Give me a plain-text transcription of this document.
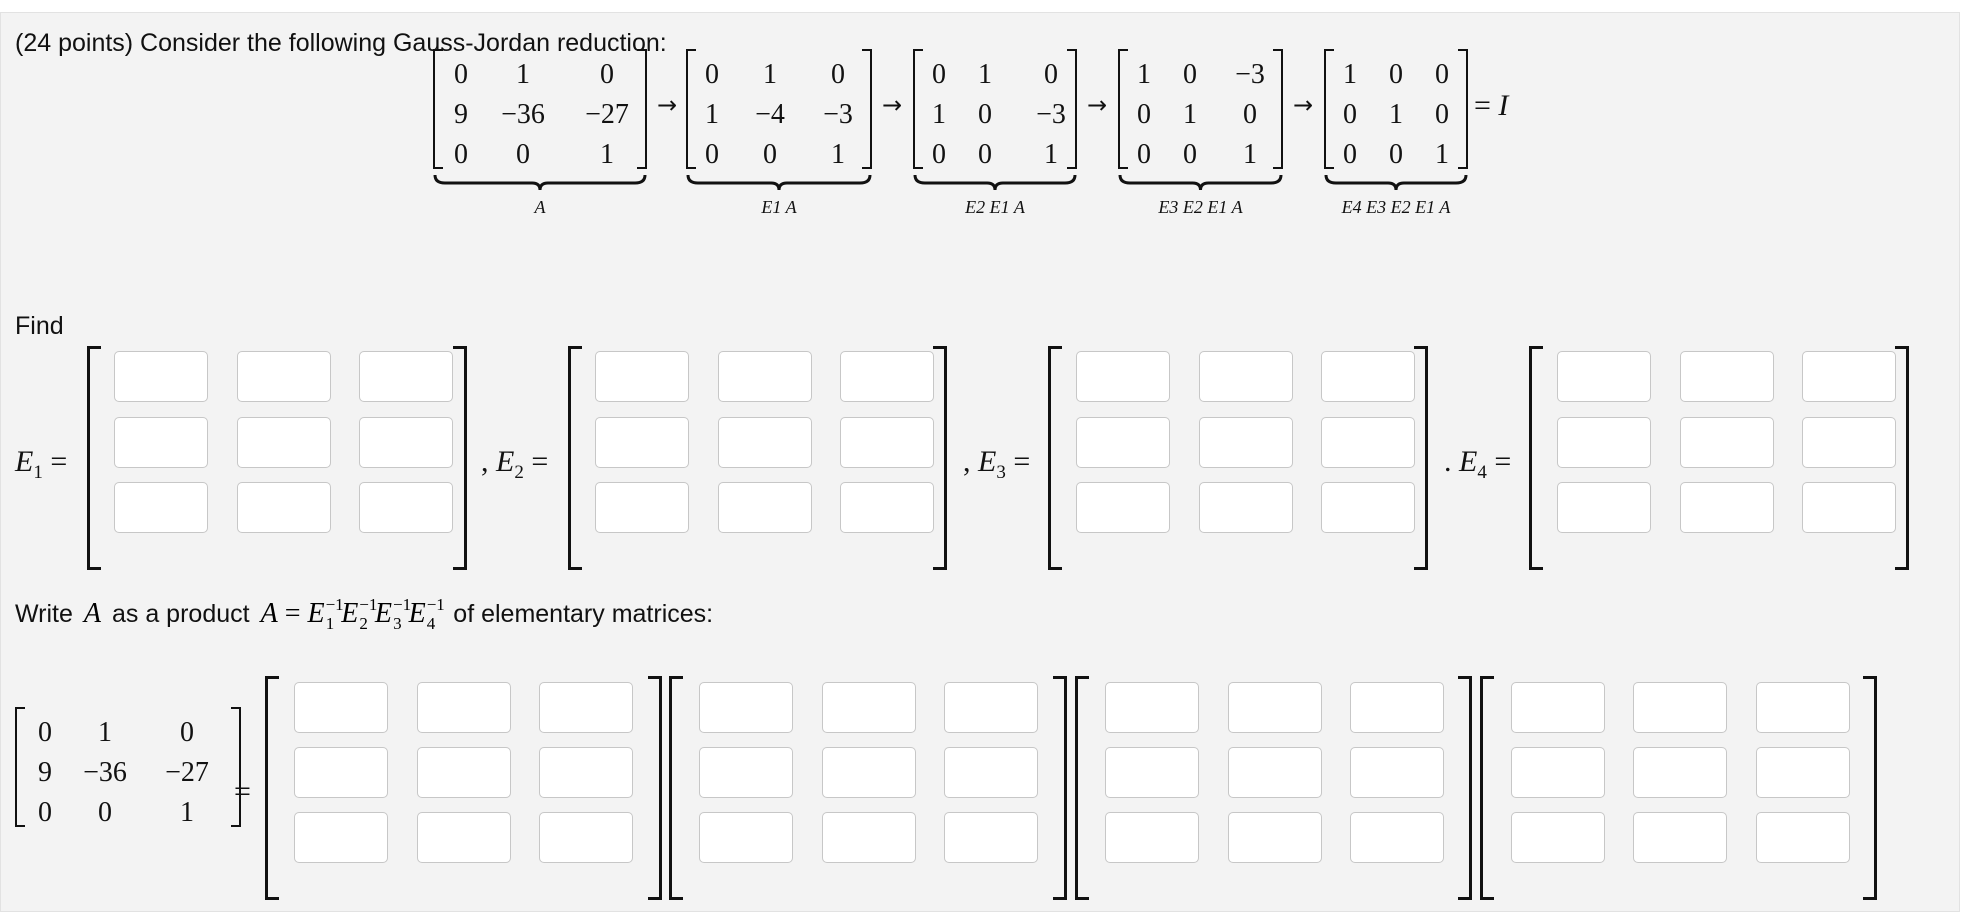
(24 points) Consider the following Gauss-Jordan reduction:
Find
Write A as a product $A = E^{-1}_1$ $E^{-1}_2$ $E^{-1}_3$ $E^{-1}_4$ of elementary matrices:
0 1	0
9 −36 −27
0 0	1
A
→
0 1 0
1 −4 −3
0 0 1
E1 A
→
0 1 0
1 0 −3
0 0 1
E2 E1 A
→
1 0 −3
0 1 0
0 0 1
E3 E2 E1 A
→
1 0 0
0 1 0
0 0 1
E4 E3 E2 E1 A
= I
$E_1$ =	, $E_2$ =	, $E_3$ =	. $E_4$ =
0 1 0
9 −36 −27
0 0 1
=
